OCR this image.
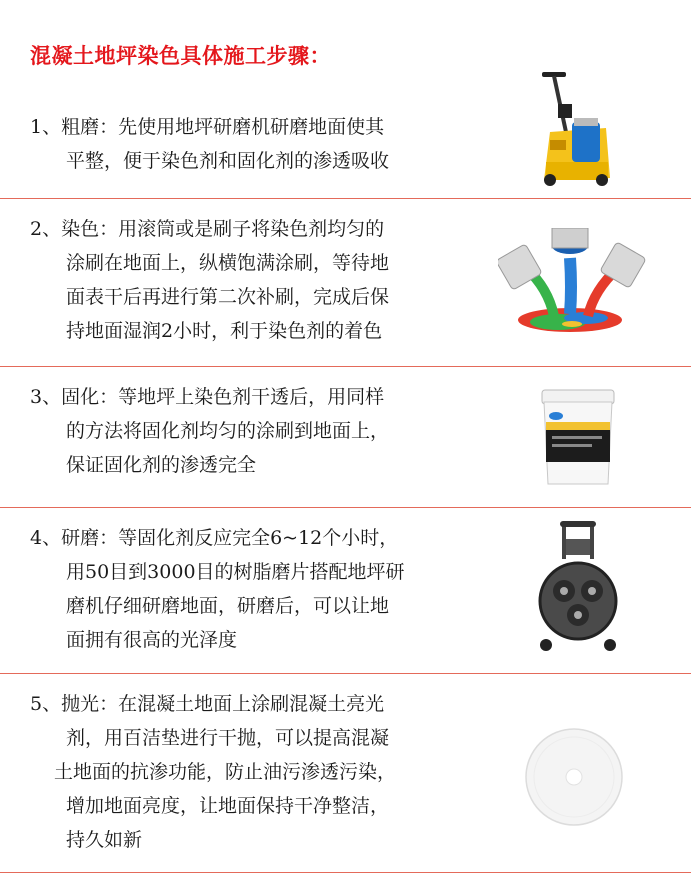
混凝土地坪染色具体施工步骤：
1、粗磨：先使用地坪研磨机研磨地面使其
平整，便于染色剂和固化剂的渗透吸收
2、染色：用滚筒或是刷子将染色剂均匀的
涂刷在地面上，纵横饱满涂刷，等待地
面表干后再进行第二次补刷，完成后保
持地面湿润2小时，利于染色剂的着色
3、固化：等地坪上染色剂干透后，用同样
的方法将固化剂均匀的涂刷到地面上，
保证固化剂的渗透完全
4、研磨：等固化剂反应完全6~12个小时，
用50目到3000目的树脂磨片搭配地坪研
磨机仔细研磨地面，研磨后，可以让地
面拥有很高的光泽度
5、抛光：在混凝土地面上涂刷混凝土亮光
剂，用百洁垫进行干抛，可以提高混凝
土地面的抗渗功能，防止油污渗透污染，
增加地面亮度，让地面保持干净整洁，
持久如新
